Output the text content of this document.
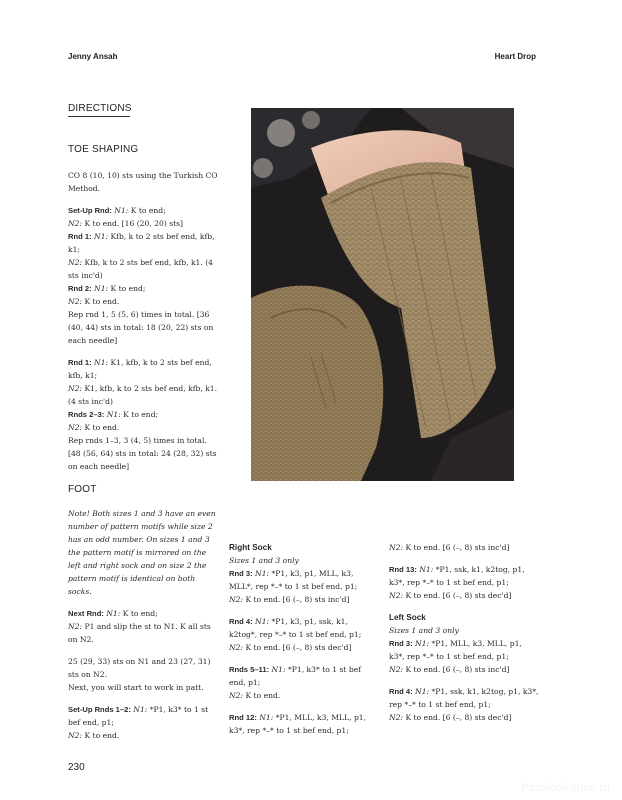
Jenny Ansah	Heart Drop
DIRECTIONS
TOE SHAPING

CO 8 (10, 10) sts using the Turkish CO Method.

Set-Up Rnd: N1: K to end;

N2: K to end. [16 (20, 20) sts]

Rnd 1: N1: Kfb, k to 2 sts bef end, kfb, k1;

N2: Kfb, k to 2 sts bef end, kfb, k1. (4 sts inc'd)

Rnd 2: N1: K to end;

N2: K to end.

Rep rnd 1, 5 (5, 6) times in total. [36 (40, 44) sts in total: 18 (20, 22) sts on each needle]

Rnd 1: N1: K1, kfb, k to 2 sts bef end, kfb, k1;

N2: K1, kfb, k to 2 sts bef end, kfb, k1. (4 sts inc'd)

Rnds 2–3: N1: K to end;

N2: K to end.

Rep rnds 1–3, 3 (4, 5) times in total. [48 (56, 64) sts in total: 24 (28, 32) sts on each needle]

FOOT

Note! Both sizes 1 and 3 have an even number of pattern motifs while size 2 has an odd number. On sizes 1 and 3 the pattern motif is mirrored on the left and right sock and on size 2 the pattern motif is identical on both socks.

Next Rnd: N1: K to end;

N2: P1 and slip the st to N1. K all sts on N2.

25 (29, 33) sts on N1 and 23 (27, 31) sts on N2.

Next, you will start to work in patt.

Set-Up Rnds 1–2: N1: *P1, k3* to 1 st bef end, p1;

N2: K to end.

Right Sock

Sizes 1 and 3 only

Rnd 3: N1: *P1, k3, p1, MLL, k3, MLL*, rep *–* to 1 st bef end, p1;

N2: K to end. [6 (–, 8) sts inc'd]

Rnd 4: N1: *P1, k3, p1, ssk, k1, k2tog*, rep *–* to 1 st bef end, p1;

N2: K to end. [6 (–, 8) sts dec'd]

Rnds 5–11: N1: *P1, k3* to 1 st bef end, p1;

N2: K to end.

Rnd 12: N1: *P1, MLL, k3, MLL, p1, k3*, rep *–* to 1 st bef end, p1;

N2: K to end. [6 (–, 8) sts inc'd]

Rnd 13: N1: *P1, ssk, k1, k2tog, p1, k3*, rep *–* to 1 st bef end, p1;

N2: K to end. [6 (–, 8) sts dec'd]

Left Sock

Sizes 1 and 3 only

Rnd 3: N1: *P1, MLL, k3, MLL, p1, k3*, rep *–* to 1 st bef end, p1;

N2: K to end. [6 (–, 8) sts inc'd]

Rnd 4: N1: *P1, ssk, k1, k2tog, p1, k3*, rep *–* to 1 st bef end, p1;

N2: K to end. [6 (–, 8) sts dec'd]

230
PassionForum.ru
